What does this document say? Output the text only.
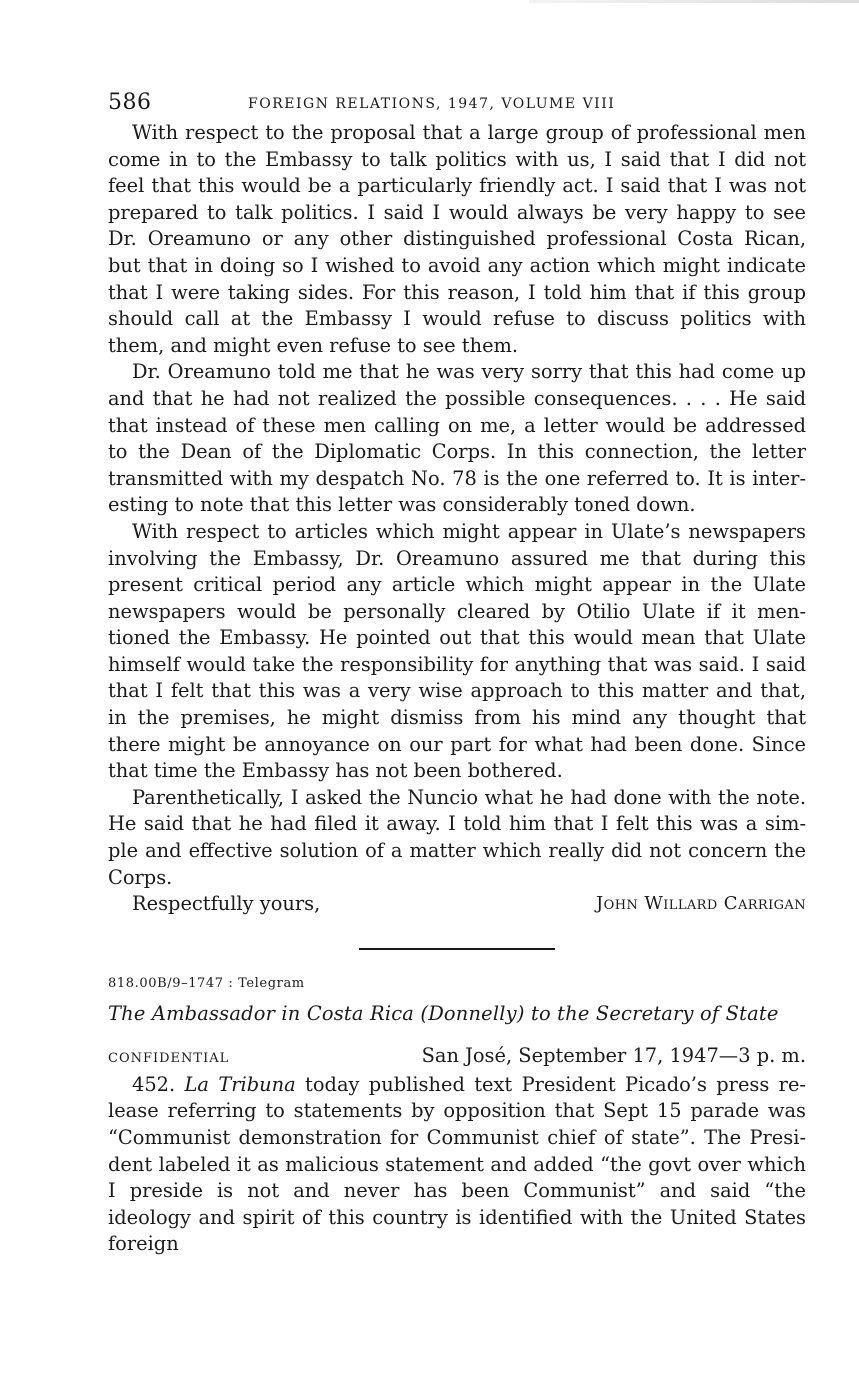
586	FOREIGN RELATIONS, 1947, VOLUME VIII

With respect to the proposal that a large group of professional men come in to the Embassy to talk politics with us, I said that I did not feel that this would be a particularly friendly act. I said that I was not prepared to talk politics. I said I would always be very happy to see Dr. Oreamuno or any other distinguished professional Costa Rican, but that in doing so I wished to avoid any action which might indicate that I were taking sides. For this reason, I told him that if this group should call at the Embassy I would refuse to discuss politics with them, and might even refuse to see them.

Dr. Oreamuno told me that he was very sorry that this had come up and that he had not realized the possible consequences. . . . He said that instead of these men calling on me, a letter would be addressed to the Dean of the Diplomatic Corps. In this connection, the letter transmitted with my despatch No. 78 is the one referred to. It is interesting to note that this letter was considerably toned down.

With respect to articles which might appear in Ulate’s newspapers involving the Embassy, Dr. Oreamuno assured me that during this present critical period any article which might appear in the Ulate newspapers would be personally cleared by Otilio Ulate if it mentioned the Embassy. He pointed out that this would mean that Ulate himself would take the responsibility for anything that was said. I said that I felt that this was a very wise approach to this matter and that, in the premises, he might dismiss from his mind any thought that there might be annoyance on our part for what had been done. Since that time the Embassy has not been bothered.

Parenthetically, I asked the Nuncio what he had done with the note. He said that he had filed it away. I told him that I felt this was a simple and effective solution of a matter which really did not concern the Corps.

Respectfully yours,	John Willard Carrigan
818.00B/9–1747 : Telegram
The Ambassador in Costa Rica (Donnelly) to the Secretary of State
CONFIDENTIAL	San José, September 17, 1947—3 p. m.

452. La Tribuna today published text President Picado’s press release referring to statements by opposition that Sept 15 parade was “Communist demonstration for Communist chief of state”. The President labeled it as malicious statement and added “the govt over which I preside is not and never has been Communist” and said “the ideology and spirit of this country is identified with the United States foreign
